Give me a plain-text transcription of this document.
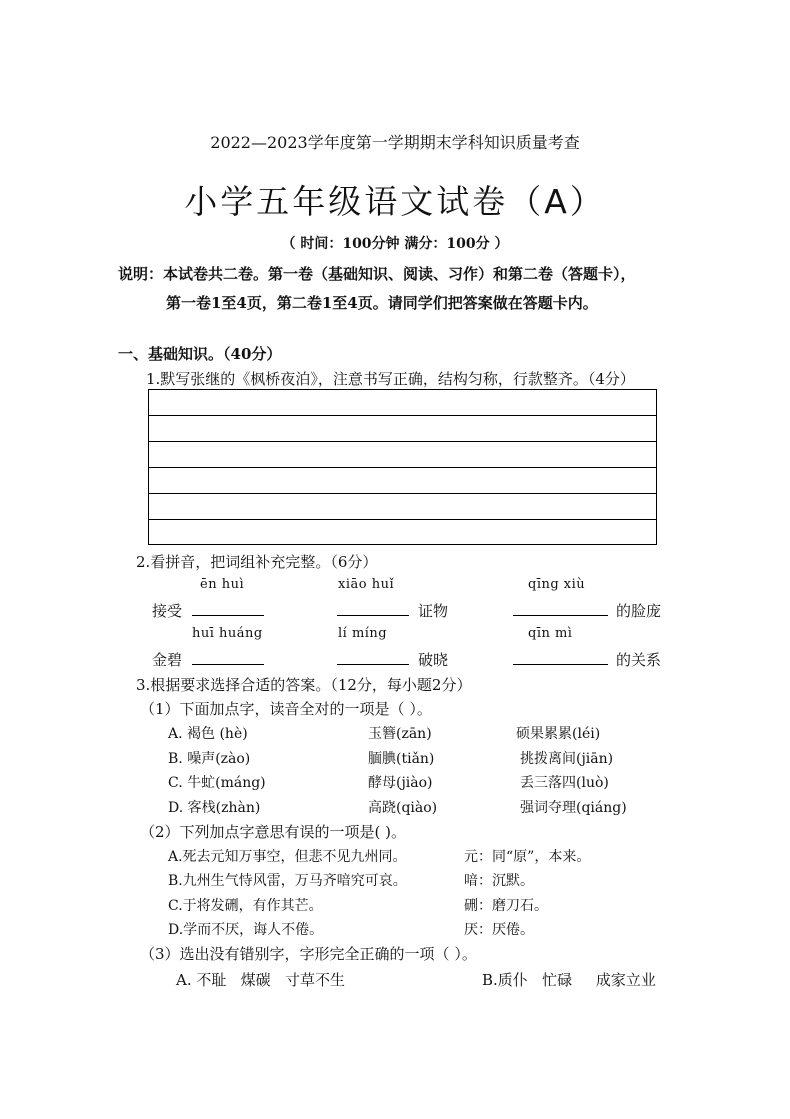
2022—2023学年度第一学期期末学科知识质量考查
小学五年级语文试卷（A）
（ 时间：100分钟 满分：100分 ）
说明：本试卷共二卷。第一卷（基础知识、阅读、习作）和第二卷（答题卡），
第一卷1至4页，第二卷1至4页。请同学们把答案做在答题卡内。
一、基础知识。（40分）
1.默写张继的《枫桥夜泊》，注意书写正确，结构匀称，行款整齐。（4分）
2.看拼音，把词组补充完整。（6分）
ēn huì	xiāo huǐ	qīng xiù
接受	证物	的脸庞
huī huáng	lí míng	qīn mì
金碧	破晓	的关系
3.根据要求选择合适的答案。（12分，每小题2分）
（1）下面加点字，读音全对的一项是（ ）。
A. 褐色 (hè)	玉簪(zān)	硕果累累(léi)
B. 噪声(zào)	腼腆(tiǎn)	挑拨离间(jiān)
C. 牛虻(máng)	酵母(jiào)	丢三落四(luò)
D. 客栈(zhàn)	高跷(qiào)	强词夺理(qiáng)
（2）下列加点字意思有误的一项是( )。
A.死去元知万事空，但悲不见九州同。	元：同“原”，本来。
B.九州生气恃风雷，万马齐喑究可哀。	喑：沉默。
C.于将发硎，有作其芒。	硎：磨刀石。
D.学而不厌，诲人不倦。	厌：厌倦。
（3）选出没有错别字，字形完全正确的一项（ ）。
A. 不耻   煤碳   寸草不生	B.质仆   忙碌     成家立业
